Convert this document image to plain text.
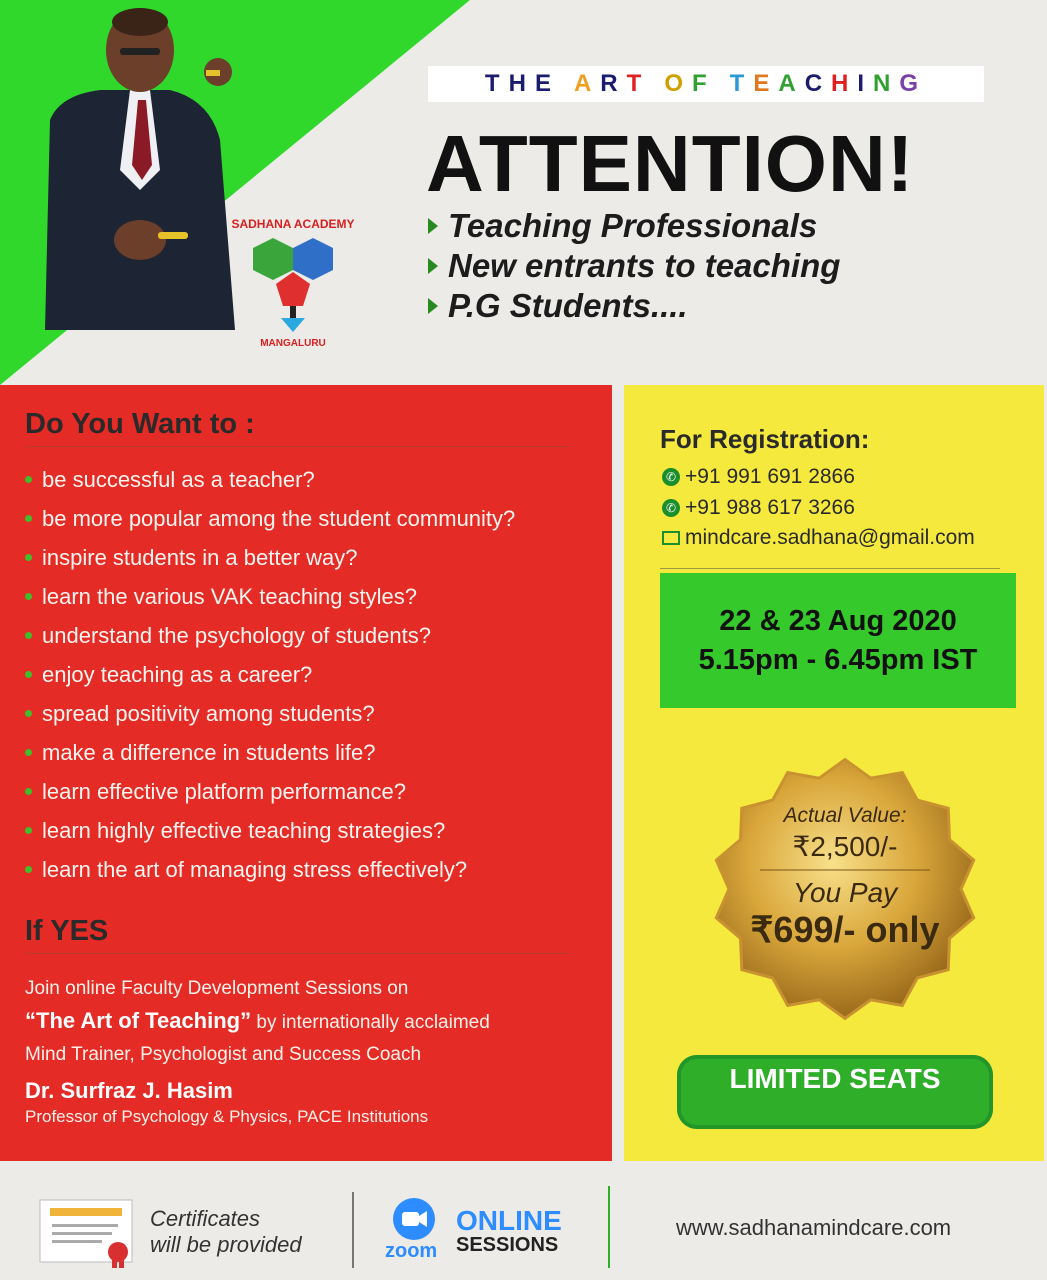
SADHANA ACADEMY
MANGALURU
T H E A R T O F T E A C H I N G
ATTENTION!
Teaching Professionals
New entrants to teaching
P.G Students....
Do You Want to :
be successful as a teacher?
be more popular among the student community?
inspire students in a better way?
learn the various VAK teaching styles?
understand the psychology of students?
enjoy teaching as a career?
spread positivity among students?
make a difference in students life?
learn effective platform performance?
learn highly effective teaching strategies?
learn the art of managing stress effectively?
If YES
Join online Faculty Development Sessions on
“The Art of Teaching” by internationally acclaimed
Mind Trainer, Psychologist and Success Coach
Dr. Surfraz J. Hasim
Professor of Psychology & Physics, PACE Institutions
For Registration:
✆ +91 991 691 2866
✆ +91 988 617 3266
mindcare.sadhana@gmail.com
22 & 23 Aug 2020
5.15pm - 6.45pm IST
Actual Value:
₹2,500/-
You Pay
₹699/- only
LIMITED SEATS
Certificates
will be provided	zoom
ONLINE
SESSIONS
www.sadhanamindcare.com
